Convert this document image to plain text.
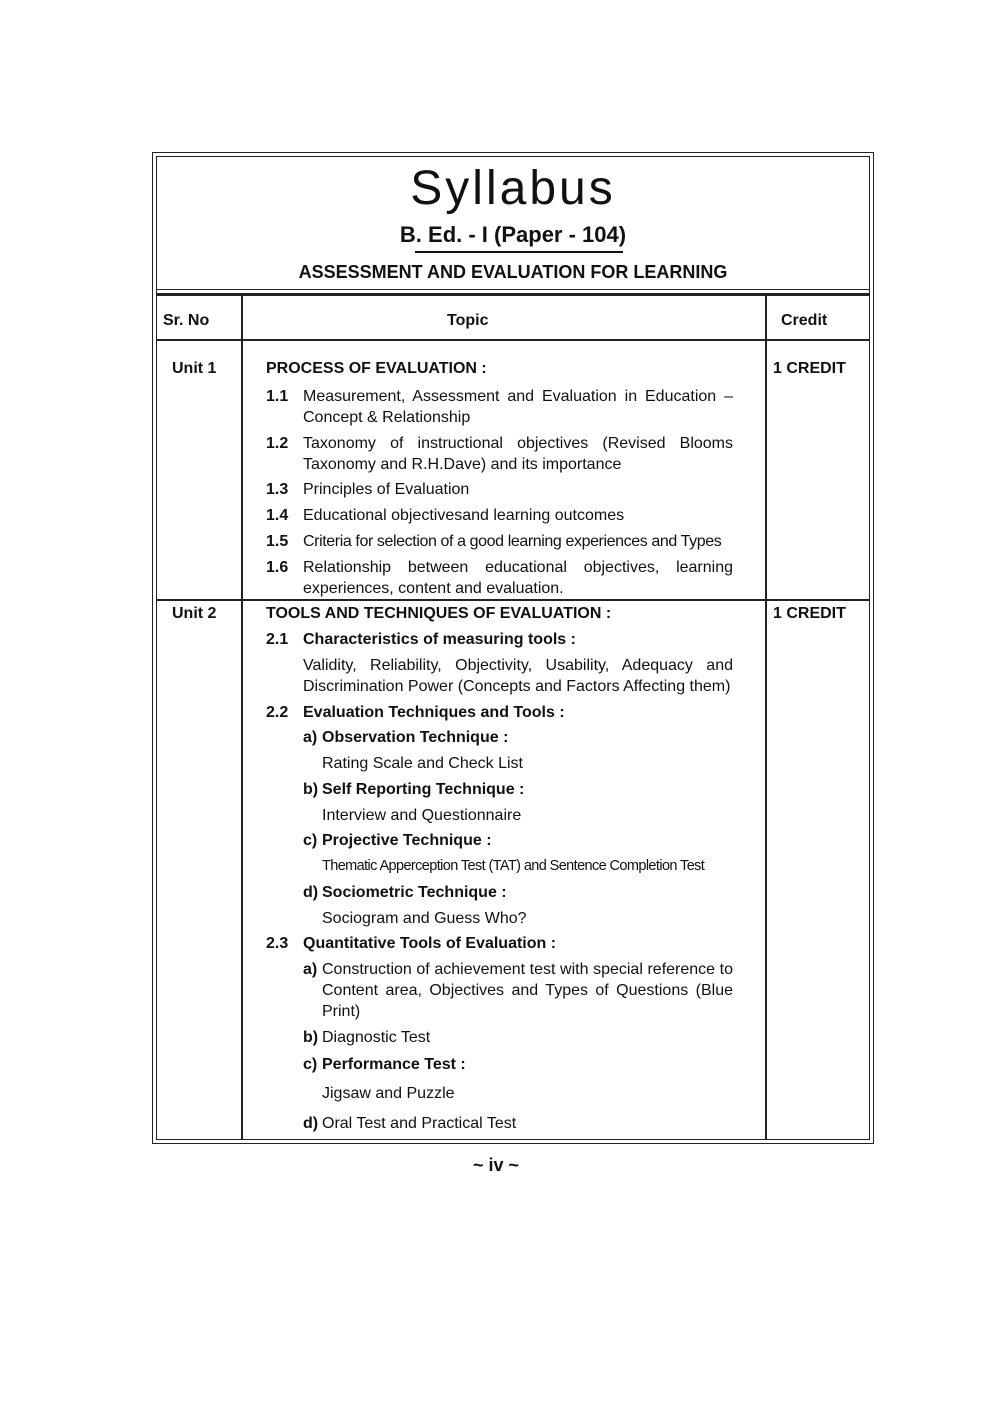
Syllabus
B. Ed. - I (Paper - 104)
ASSESSMENT AND EVALUATION FOR LEARNING
Sr. No	Topic	Credit
Unit 1	PROCESS OF EVALUATION :	1 CREDIT
1.1 Measurement, Assessment and Evaluation in Education – Concept & Relationship
1.2 Taxonomy of instructional objectives (Revised Blooms Taxonomy and R.H.Dave) and its importance
1.3 Principles of Evaluation
1.4 Educational objectivesand learning outcomes
1.5 Criteria for selection of a good learning experiences and Types
1.6 Relationship between educational objectives, learning experiences, content and evaluation.
Unit 2	TOOLS AND TECHNIQUES OF EVALUATION :	1 CREDIT
2.1 Characteristics of measuring tools :
Validity, Reliability, Objectivity, Usability, Adequacy and Discrimination Power (Concepts and Factors Affecting them)
2.2 Evaluation Techniques and Tools :
a) Observation Technique :
Rating Scale and Check List
b) Self Reporting Technique :
Interview and Questionnaire
c) Projective Technique :
Thematic Apperception Test (TAT) and Sentence Completion Test
d) Sociometric Technique :
Sociogram and Guess Who?
2.3 Quantitative Tools of Evaluation :
a) Construction of achievement test with special reference to Content area, Objectives and Types of Questions (Blue Print)
b) Diagnostic Test
c) Performance Test :
Jigsaw and Puzzle
d) Oral Test and Practical Test
~ iv ~
